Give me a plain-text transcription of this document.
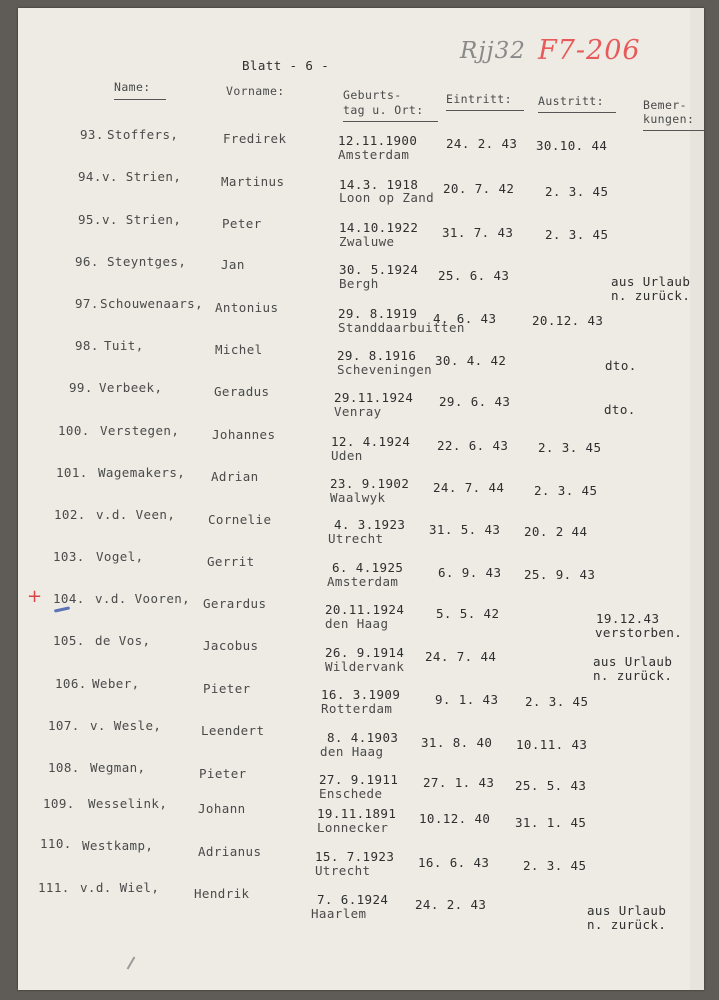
Rjj32 F7-206
Blatt - 6 -
Name:	Vorname:	Geburts-
tag u. Ort:
Eintritt: Austritt:	Bemer-
kungen:
93. Stoffers,	Fredirek	12.11.1900
Amsterdam
24. 2. 43 30.10. 44
94. v. Strien,	Martinus	14.3. 1918
Loon op Zand
20. 7. 42 2. 3. 45
95. v. Strien,	Peter	14.10.1922
Zwaluwe
31. 7. 43	2. 3. 45
96. Steyntges,	Jan	30. 5.1924
Bergh
25. 6. 43	aus Urlaub
n. zurück.
97. Schouwenaars, Antonius	29. 8.1919
Standdaarbuitten
4. 6. 43	20.12. 43
98. Tuit,	Michel	29. 8.1916
Scheveningen
30. 4. 42	dto.
99. Verbeek,	Geradus	29.11.1924
Venray
29. 6. 43
dto.
100. Verstegen,	Johannes	12. 4.1924
Uden
22. 6. 43 2. 3. 45
101. Wagemakers, Adrian	23. 9.1902
Waalwyk
24. 7. 44 2. 3. 45
102. v.d. Veen,	Cornelie	4. 3.1923
Utrecht
31. 5. 43 20. 2 44
103. Vogel,	Gerrit	6. 4.1925
Amsterdam
6. 9. 43 25. 9. 43
+ 104. v.d. Vooren, Gerardus	20.11.1924
den Haag
5. 5. 42	19.12.43
verstorben.
105. de Vos,	Jacobus	26. 9.1914
Wildervank
24. 7. 44	aus Urlaub
n. zurück.
106. Weber,	Pieter	16. 3.1909
Rotterdam
9. 1. 43 2. 3. 45
107. v. Wesle,	Leendert	8. 4.1903
den Haag
31. 8. 40 10.11. 43
108. Wegman,	Pieter	27. 9.1911
Enschede
27. 1. 43 25. 5. 43
109. Wesselink, Johann	19.11.1891
Lonnecker
10.12. 40 31. 1. 45
110. Westkamp,	Adrianus	15. 7.1923
Utrecht
16. 6. 43	2. 3. 45
111. v.d. Wiel,	Hendrik	7. 6.1924
Haarlem
24. 2. 43	aus Urlaub
n. zurück.
